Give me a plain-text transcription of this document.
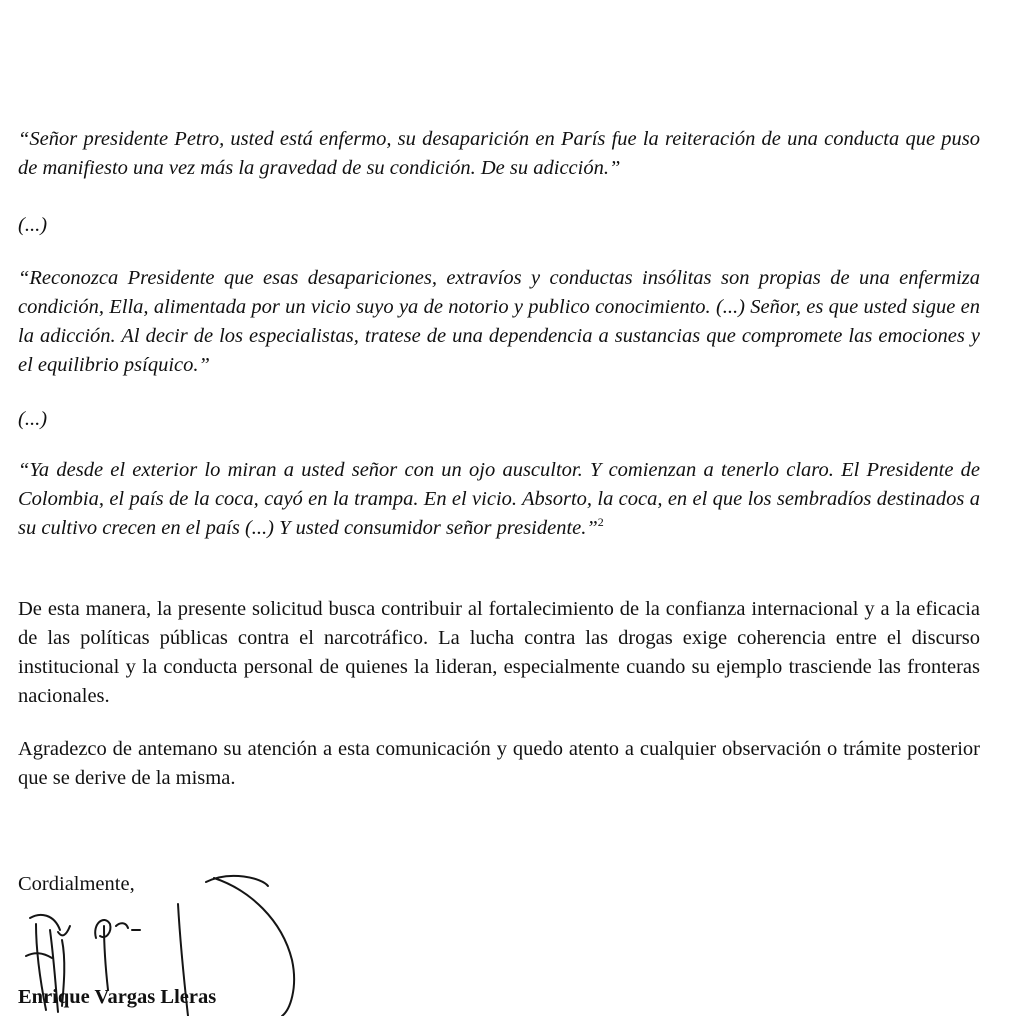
“Señor presidente Petro, usted está enfermo, su desaparición en París fue la reiteración de una conducta que puso de manifiesto una vez más la gravedad de su condición. De su adicción.”

(...)

“Reconozca Presidente que esas desapariciones, extravíos y conductas insólitas son propias de una enfermiza condición, Ella, alimentada por un vicio suyo ya de notorio y publico conocimiento. (...) Señor, es que usted sigue en la adicción. Al decir de los especialistas, tratese de una dependencia a sustancias que compromete las emociones y el equilibrio psíquico.”

(...)

“Ya desde el exterior lo miran a usted señor con un ojo auscultor. Y comienzan a tenerlo claro. El Presidente de Colombia, el país de la coca, cayó en la trampa. En el vicio. Absorto, la coca, en el que los sembradíos destinados a su cultivo crecen en el país (...) Y usted consumidor señor presidente.”$^2$

De esta manera, la presente solicitud busca contribuir al fortalecimiento de la confianza internacional y a la eficacia de las políticas públicas contra el narcotráfico. La lucha contra las drogas exige coherencia entre el discurso institucional y la conducta personal de quienes la lideran, especialmente cuando su ejemplo trasciende las fronteras nacionales.

Agradezco de antemano su atención a esta comunicación y quedo atento a cualquier observación o trámite posterior que se derive de la misma.

Cordialmente,

Enrique Vargas Lleras
